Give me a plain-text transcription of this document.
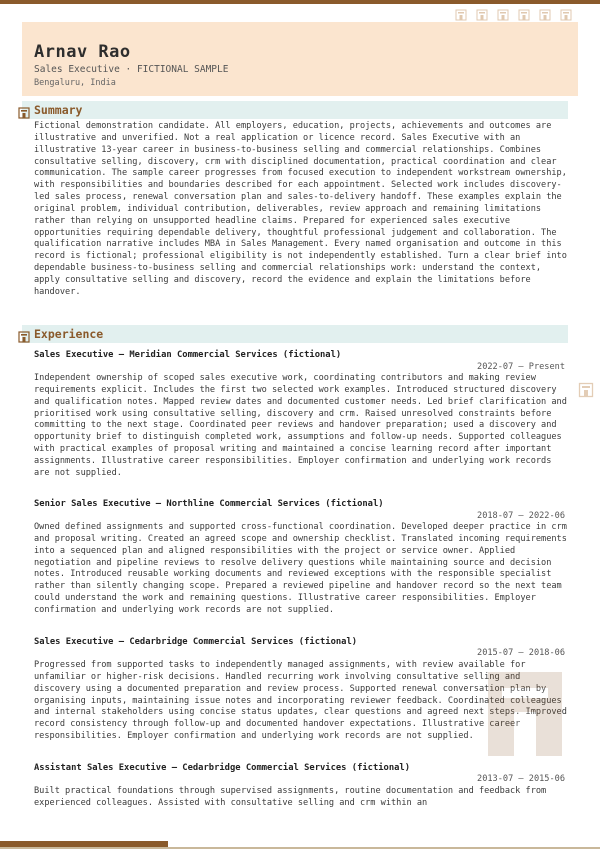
Arnav Rao
Sales Executive · FICTIONAL SAMPLE
Bengaluru, India
Summary

Fictional demonstration candidate. All employers, education, projects, achievements and outcomes are illustrative and unverified. Not a real application or licence record. Sales Executive with an illustrative 13-year career in business-to-business selling and commercial relationships. Combines consultative selling, discovery, crm with disciplined documentation, practical coordination and clear communication. The sample career progresses from focused execution to independent workstream ownership, with responsibilities and boundaries described for each appointment. Selected work includes discovery-led sales process, renewal conversation plan and sales-to-delivery handoff. These examples explain the original problem, individual contribution, deliverables, review approach and remaining limitations rather than relying on unsupported headline claims. Prepared for experienced sales executive opportunities requiring dependable delivery, thoughtful professional judgement and collaboration. The qualification narrative includes MBA in Sales Management. Every named organisation and outcome in this record is fictional; professional eligibility is not independently established. Turn a clear brief into dependable business-to-business selling and commercial relationships work: understand the context, apply consultative selling and discovery, record the evidence and explain the limitations before handover.

Experience
Sales Executive — Meridian Commercial Services (fictional)
2022-07 – Present

Independent ownership of scoped sales executive work, coordinating contributors and making review requirements explicit. Includes the first two selected work examples. Introduced structured discovery and qualification notes. Mapped review dates and documented customer needs. Led brief clarification and prioritised work using consultative selling, discovery and crm. Raised unresolved constraints before committing to the next stage. Coordinated peer reviews and handover preparation; used a discovery and opportunity brief to distinguish completed work, assumptions and follow-up needs. Supported colleagues with practical examples of proposal writing and maintained a concise learning record after important assignments. Illustrative career responsibilities. Employer confirmation and underlying work records are not supplied.

Senior Sales Executive — Northline Commercial Services (fictional)
2018-07 – 2022-06

Owned defined assignments and supported cross-functional coordination. Developed deeper practice in crm and proposal writing. Created an agreed scope and ownership checklist. Translated incoming requirements into a sequenced plan and aligned responsibilities with the project or service owner. Applied negotiation and pipeline reviews to resolve delivery questions while maintaining source and decision notes. Introduced reusable working documents and reviewed exceptions with the responsible specialist rather than silently changing scope. Prepared a reviewed pipeline and handover record so the next team could understand the work and remaining questions. Illustrative career responsibilities. Employer confirmation and underlying work records are not supplied.

Sales Executive — Cedarbridge Commercial Services (fictional)
2015-07 – 2018-06

Progressed from supported tasks to independently managed assignments, with review available for unfamiliar or higher-risk decisions. Handled recurring work involving consultative selling and discovery using a documented preparation and review process. Supported renewal conversation plan by organising inputs, maintaining issue notes and incorporating reviewer feedback. Coordinated colleagues and internal stakeholders using concise status updates, clear questions and agreed next steps. Improved record consistency through follow-up and documented handover expectations. Illustrative career responsibilities. Employer confirmation and underlying work records are not supplied.

Assistant Sales Executive — Cedarbridge Commercial Services (fictional)
2013-07 – 2015-06

Built practical foundations through supervised assignments, routine documentation and feedback from experienced colleagues. Assisted with consultative selling and crm within an
